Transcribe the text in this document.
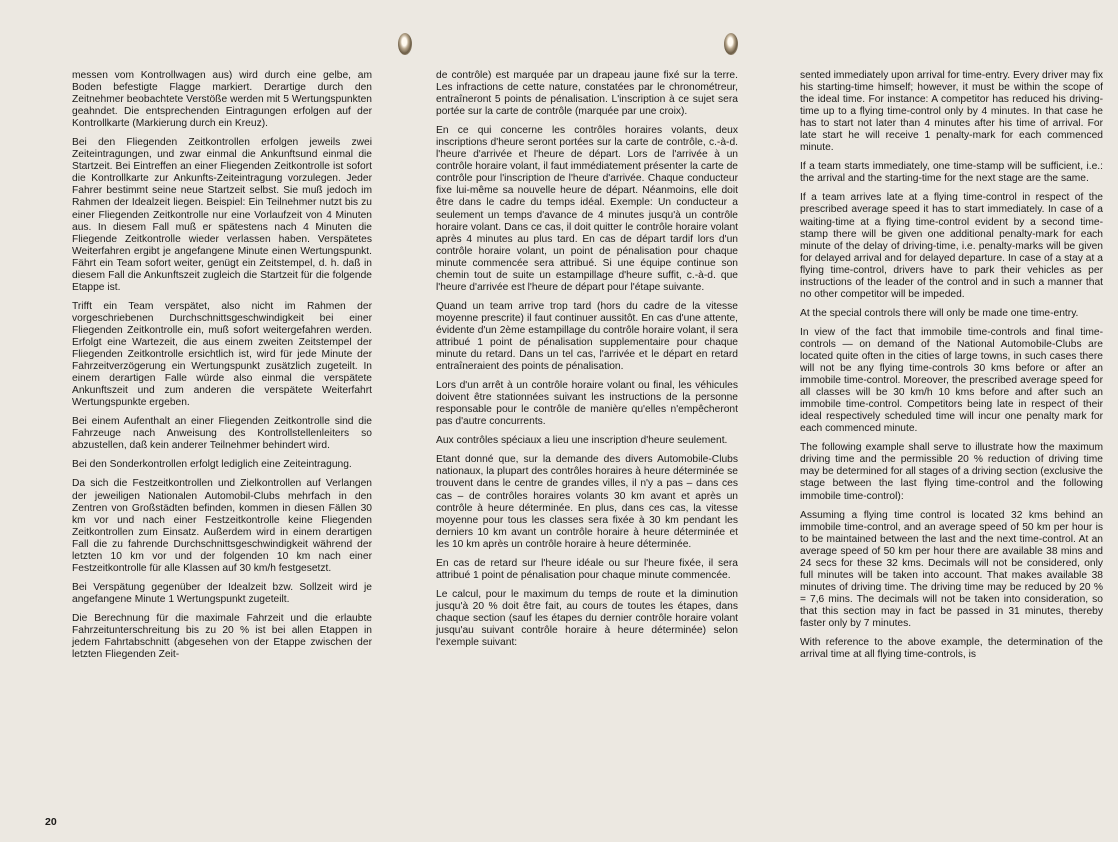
messen vom Kontrollwagen aus) wird durch eine gelbe, am Boden befestigte Flagge markiert. Derartige durch den Zeitnehmer beobachtete Verstöße werden mit 5 Wertungspunkten geahndet. Die entsprechenden Eintragungen erfolgen auf der Kontrollkarte (Markierung durch ein Kreuz).

Bei den Fliegenden Zeitkontrollen erfolgen jeweils zwei Zeiteintragungen, und zwar einmal die Ankunftsund einmal die Startzeit. Bei Eintreffen an einer Fliegenden Zeitkontrolle ist sofort die Kontrollkarte zur Ankunfts-Zeiteintragung vorzulegen. Jeder Fahrer bestimmt seine neue Startzeit selbst. Sie muß jedoch im Rahmen der Idealzeit liegen. Beispiel: Ein Teilnehmer nutzt bis zu einer Fliegenden Zeitkontrolle nur eine Vorlaufzeit von 4 Minuten aus. In diesem Fall muß er spätestens nach 4 Minuten die Fliegende Zeitkontrolle wieder verlassen haben. Verspätetes Weiterfahren ergibt je angefangene Minute einen Wertungspunkt. Fährt ein Team sofort weiter, genügt ein Zeitstempel, d. h. daß in diesem Fall die Ankunftszeit zugleich die Startzeit für die folgende Etappe ist.

Trifft ein Team verspätet, also nicht im Rahmen der vorgeschriebenen Durchschnittsgeschwindigkeit bei einer Fliegenden Zeitkontrolle ein, muß sofort weitergefahren werden. Erfolgt eine Wartezeit, die aus einem zweiten Zeitstempel der Fliegenden Zeitkontrolle ersichtlich ist, wird für jede Minute der Fahrzeitverzögerung ein Wertungspunkt zusätzlich zugeteilt. In einem derartigen Falle würde also einmal die verspätete Ankunftszeit und zum anderen die verspätete Weiterfahrt Wertungspunkte ergeben.

Bei einem Aufenthalt an einer Fliegenden Zeitkontrolle sind die Fahrzeuge nach Anweisung des Kontrollstellenleiters so abzustellen, daß kein anderer Teilnehmer behindert wird.

Bei den Sonderkontrollen erfolgt lediglich eine Zeiteintragung.

Da sich die Festzeitkontrollen und Zielkontrollen auf Verlangen der jeweiligen Nationalen Automobil-Clubs mehrfach in den Zentren von Großstädten befinden, kommen in diesen Fällen 30 km vor und nach einer Festzeitkontrolle keine Fliegenden Zeitkontrollen zum Einsatz. Außerdem wird in einem derartigen Fall die zu fahrende Durchschnittsgeschwindigkeit während der letzten 10 km vor und der folgenden 10 km nach einer Festzeitkontrolle für alle Klassen auf 30 km/h festgesetzt.

Bei Verspätung gegenüber der Idealzeit bzw. Sollzeit wird je angefangene Minute 1 Wertungspunkt zugeteilt.

Die Berechnung für die maximale Fahrzeit und die erlaubte Fahrzeitunterschreitung bis zu 20 % ist bei allen Etappen in jedem Fahrtabschnitt (abgesehen von der Etappe zwischen der letzten Fliegenden Zeit-

de contrôle) est marquée par un drapeau jaune fixé sur la terre. Les infractions de cette nature, constatées par le chronométreur, entraîneront 5 points de pénalisation. L'inscription à ce sujet sera portée sur la carte de contrôle (marquée par une croix).

En ce qui concerne les contrôles horaires volants, deux inscriptions d'heure seront portées sur la carte de contrôle, c.-à-d. l'heure d'arrivée et l'heure de départ. Lors de l'arrivée à un contrôle horaire volant, il faut immédiatement présenter la carte de contrôle pour l'inscription de l'heure d'arrivée. Chaque conducteur fixe lui-même sa nouvelle heure de départ. Néanmoins, elle doit être dans le cadre du temps idéal. Exemple: Un conducteur a seulement un temps d'avance de 4 minutes jusqu'à un contrôle horaire volant. Dans ce cas, il doit quitter le contrôle horaire volant après 4 minutes au plus tard. En cas de départ tardif lors d'un contrôle horaire volant, un point de pénalisation pour chaque minute commencée sera attribué. Si une équipe continue son chemin tout de suite un estampillage d'heure suffit, c.-à-d. que l'heure d'arrivée est l'heure de départ pour l'étape suivante.

Quand un team arrive trop tard (hors du cadre de la vitesse moyenne prescrite) il faut continuer aussitôt. En cas d'une attente, évidente d'un 2ème estampillage du contrôle horaire volant, il sera attribué 1 point de pénalisation supplementaire pour chaque minute du retard. Dans un tel cas, l'arrivée et le départ en retard entraîneraient des points de pénalisation.

Lors d'un arrêt à un contrôle horaire volant ou final, les véhicules doivent être stationnées suivant les instructions de la personne responsable pour le contrôle de manière qu'elles n'empêcheront pas d'autre concurrents.

Aux contrôles spéciaux a lieu une inscription d'heure seulement.

Etant donné que, sur la demande des divers Automobile-Clubs nationaux, la plupart des contrôles horaires à heure déterminée se trouvent dans le centre de grandes villes, il n'y a pas – dans ces cas – de contrôles horaires volants 30 km avant et après un contrôle à heure déterminée. En plus, dans ces cas, la vitesse moyenne pour tous les classes sera fixée à 30 km pendant les derniers 10 km avant un contrôle horaire à heure déterminée et les 10 km après un contrôle horaire à heure déterminée.

En cas de retard sur l'heure idéale ou sur l'heure fixée, il sera attribué 1 point de pénalisation pour chaque minute commencée.

Le calcul, pour le maximum du temps de route et la diminution jusqu'à 20 % doit être fait, au cours de toutes les étapes, dans chaque section (sauf les étapes du dernier contrôle horaire volant jusqu'au suivant contrôle horaire à heure déterminée) selon l'exemple suivant:

sented immediately upon arrival for time-entry. Every driver may fix his starting-time himself; however, it must be within the scope of the ideal time. For instance: A competitor has reduced his driving-time up to a flying time-control only by 4 minutes. In that case he has to start not later than 4 minutes after his time of arrival. For late start he will receive 1 penalty-mark for each commenced minute.

If a team starts immediately, one time-stamp will be sufficient, i.e.: the arrival and the starting-time for the next stage are the same.

If a team arrives late at a flying time-control in respect of the prescribed average speed it has to start immediately. In case of a waiting-time at a flying time-control evident by a second time-stamp there will be given one additional penalty-mark for each minute of the delay of driving-time, i.e. penalty-marks will be given for delayed arrival and for delayed departure. In case of a stay at a flying time-control, drivers have to park their vehicles as per instructions of the leader of the control and in such a manner that no other competitor will be impeded.

At the special controls there will only be made one time-entry.

In view of the fact that immobile time-controls and final time-controls — on demand of the National Automobile-Clubs are located quite often in the cities of large towns, in such cases there will not be any flying time-controls 30 kms before or after an immobile time-control. Moreover, the prescribed average speed for all classes will be 30 km/h 10 kms before and after such an immobile time-control. Competitors being late in respect of their ideal respectively scheduled time will incur one penalty mark for each commenced minute.

The following example shall serve to illustrate how the maximum driving time and the permissible 20 % reduction of driving time may be determined for all stages of a driving section (exclusive the stage between the last flying time-control and the following immobile time-control):

Assuming a flying time control is located 32 kms behind an immobile time-control, and an average speed of 50 km per hour is to be maintained between the last and the next time-control. At an average speed of 50 km per hour there are available 38 mins and 24 secs for these 32 kms. Decimals will not be considered, only full minutes will be taken into account. That makes available 38 minutes of driving time. The driving time may be reduced by 20 % = 7,6 mins. The decimals will not be taken into consideration, so that this section may in fact be passed in 31 minutes, thereby faster only by 7 minutes.

With reference to the above example, the determination of the arrival time at all flying time-controls, is

20
